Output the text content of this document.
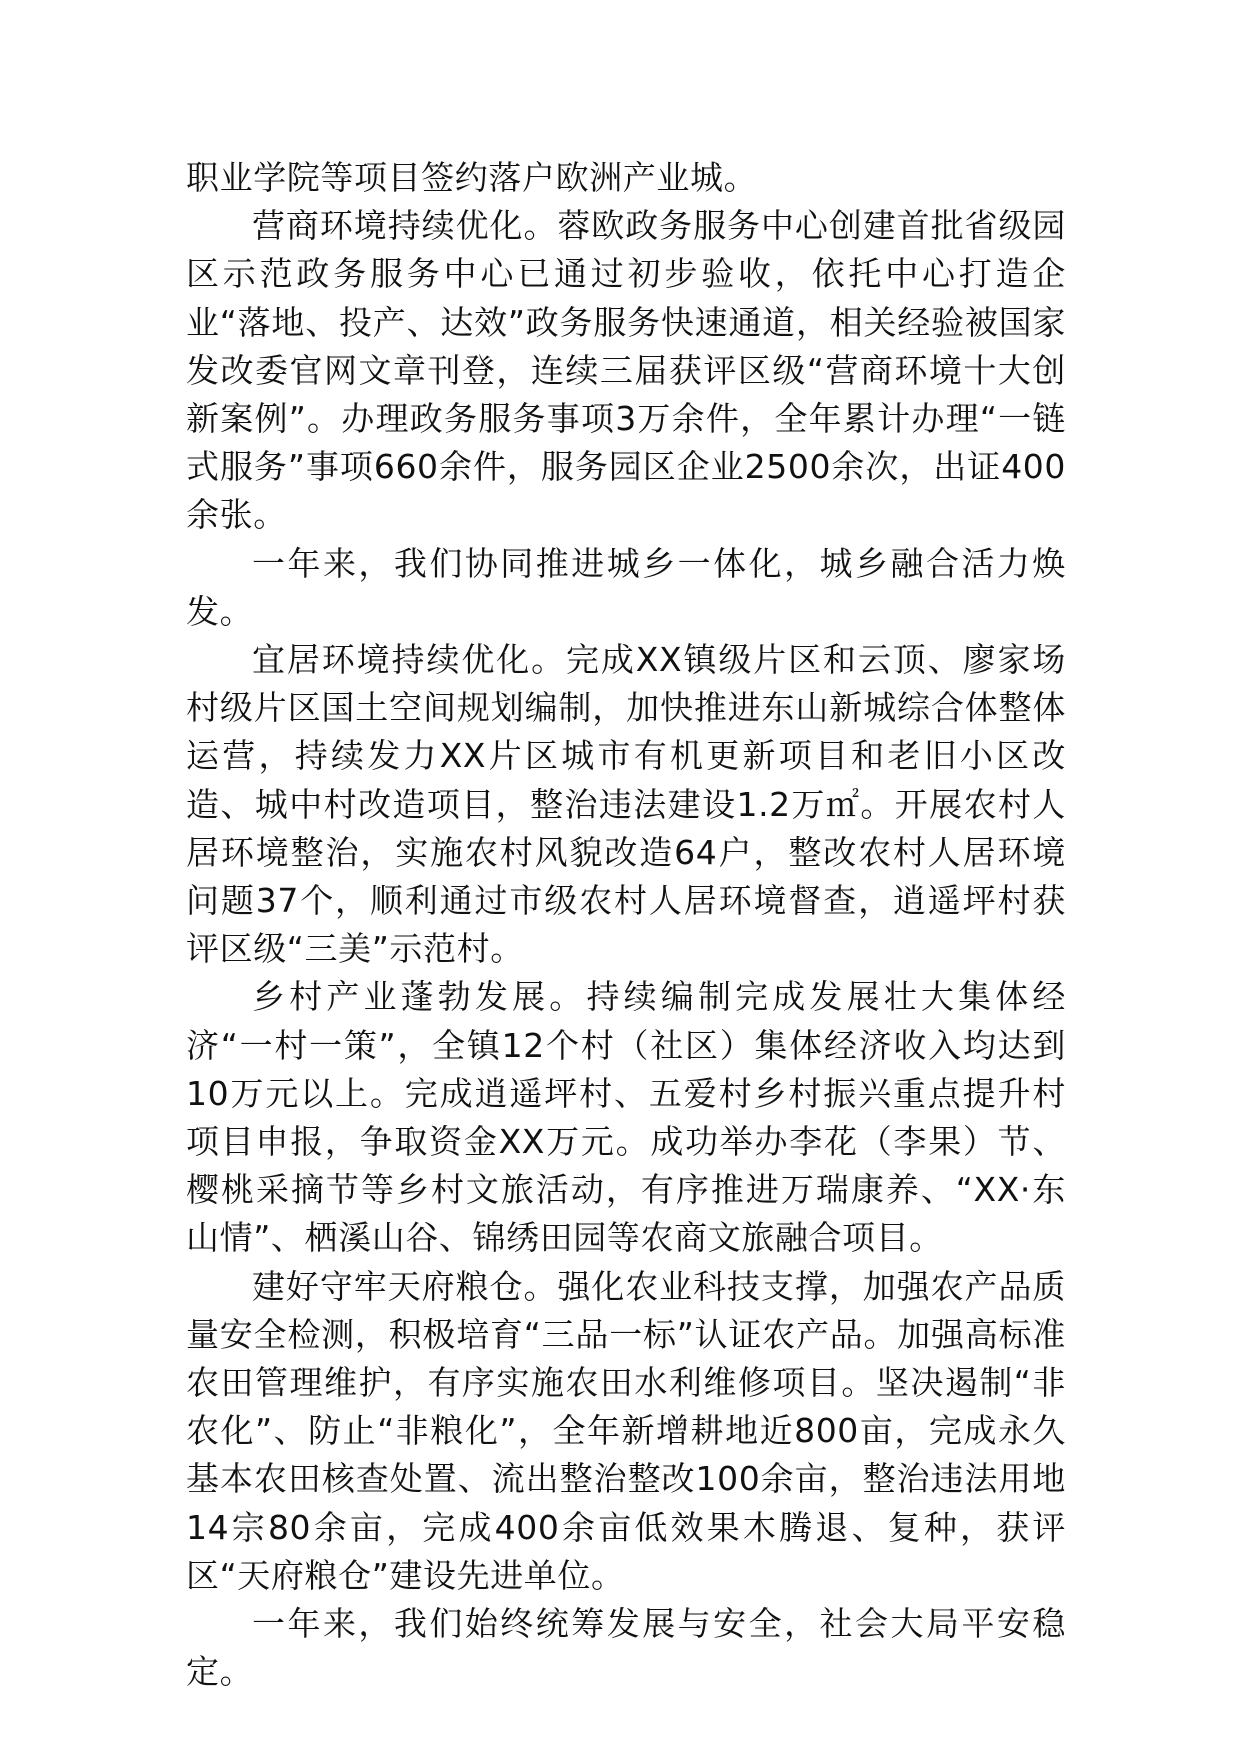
职业学院等项目签约落户欧洲产业城。

营商环境持续优化。蓉欧政务服务中心创建首批省级园区示范政务服务中心已通过初步验收，依托中心打造企业“落地、投产、达效”政务服务快速通道，相关经验被国家发改委官网文章刊登，连续三届获评区级“营商环境十大创新案例”。办理政务服务事项3万余件，全年累计办理“一链式服务”事项660余件，服务园区企业2500余次，出证400余张。

一年来，我们协同推进城乡一体化，城乡融合活力焕发。

宜居环境持续优化。完成XX镇级片区和云顶、廖家场村级片区国土空间规划编制，加快推进东山新城综合体整体运营，持续发力XX片区城市有机更新项目和老旧小区改造、城中村改造项目，整治违法建设1.2万㎡。开展农村人居环境整治，实施农村风貌改造64户，整改农村人居环境问题37个，顺利通过市级农村人居环境督查，逍遥坪村获评区级“三美”示范村。

乡村产业蓬勃发展。持续编制完成发展壮大集体经济“一村一策”，全镇12个村（社区）集体经济收入均达到10万元以上。完成逍遥坪村、五爱村乡村振兴重点提升村项目申报，争取资金XX万元。成功举办李花（李果）节、樱桃采摘节等乡村文旅活动，有序推进万瑞康养、“XX·东山情”、栖溪山谷、锦绣田园等农商文旅融合项目。

建好守牢天府粮仓。强化农业科技支撑，加强农产品质量安全检测，积极培育“三品一标”认证农产品。加强高标准农田管理维护，有序实施农田水利维修项目。坚决遏制“非农化”、防止“非粮化”，全年新增耕地近800亩，完成永久基本农田核查处置、流出整治整改100余亩，整治违法用地14宗80余亩，完成400余亩低效果木腾退、复种，获评区“天府粮仓”建设先进单位。

一年来，我们始终统筹发展与安全，社会大局平安稳定。
